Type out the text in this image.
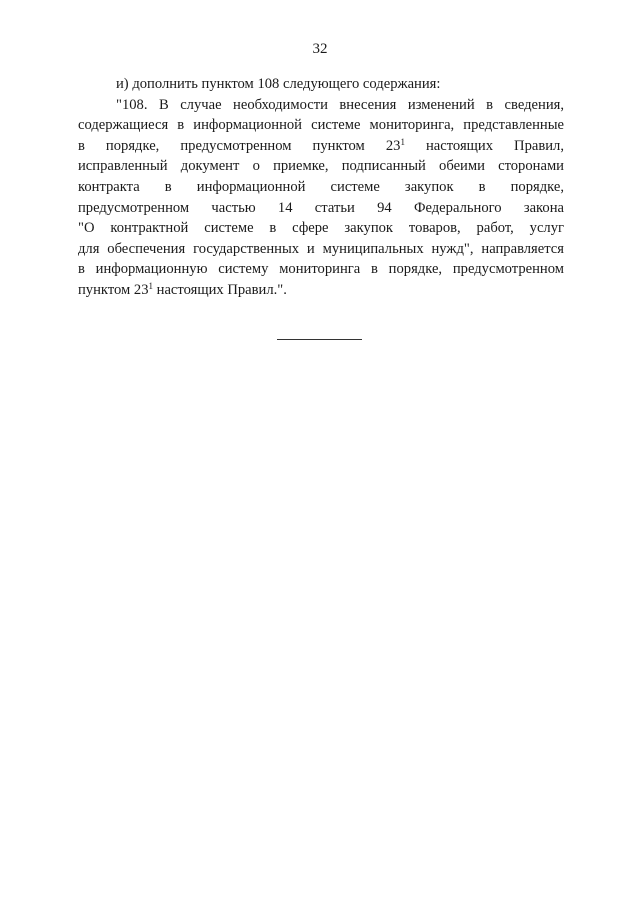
32

и) дополнить пунктом 108 следующего содержания:

"108. В случае необходимости внесения изменений в сведения,
содержащиеся в информационной системе мониторинга, представленные
в порядке, предусмотренном пунктом $23^1$ настоящих Правил,
исправленный документ о приемке, подписанный обеими сторонами
контракта в информационной системе закупок в порядке,
предусмотренном частью 14 статьи 94 Федерального закона
"О контрактной системе в сфере закупок товаров, работ, услуг
для обеспечения государственных и муниципальных нужд", направляется
в информационную систему мониторинга в порядке, предусмотренном
пунктом $23^1$ настоящих Правил.".
